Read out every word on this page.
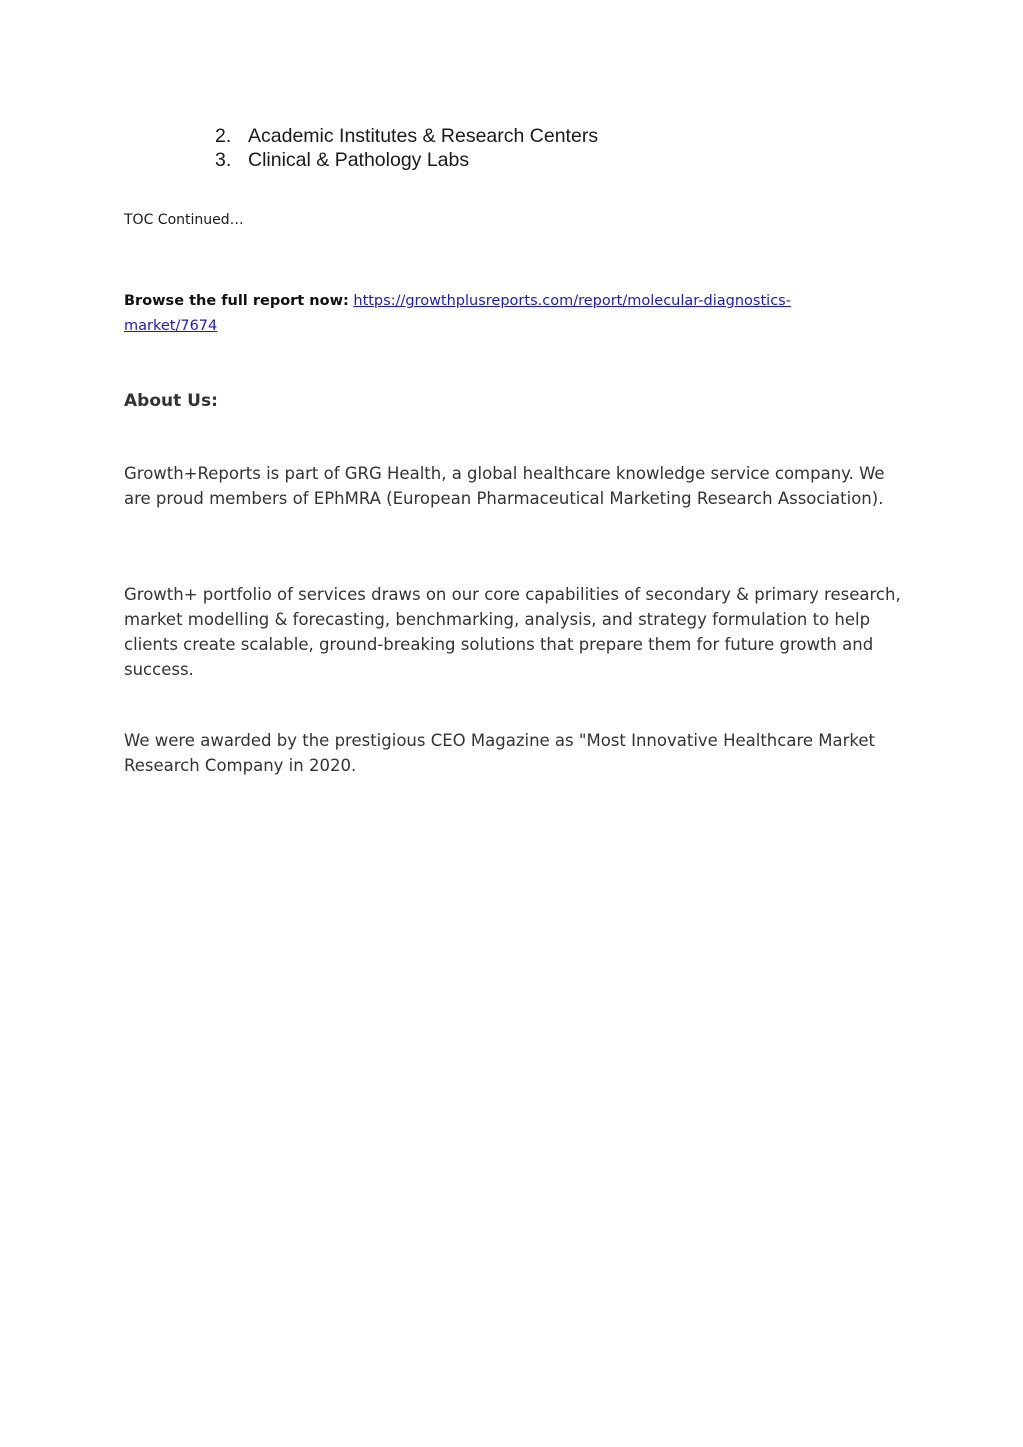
2. Academic Institutes & Research Centers
3. Clinical & Pathology Labs
TOC Continued…
Browse the full report now: https://growthplusreports.com/report/molecular-diagnostics-market/7674
About Us:

Growth+Reports is part of GRG Health, a global healthcare knowledge service company. We are proud members of EPhMRA (European Pharmaceutical Marketing Research Association).

Growth+ portfolio of services draws on our core capabilities of secondary & primary research, market modelling & forecasting, benchmarking, analysis, and strategy formulation to help clients create scalable, ground-breaking solutions that prepare them for future growth and success.

We were awarded by the prestigious CEO Magazine as "Most Innovative Healthcare Market Research Company in 2020.
